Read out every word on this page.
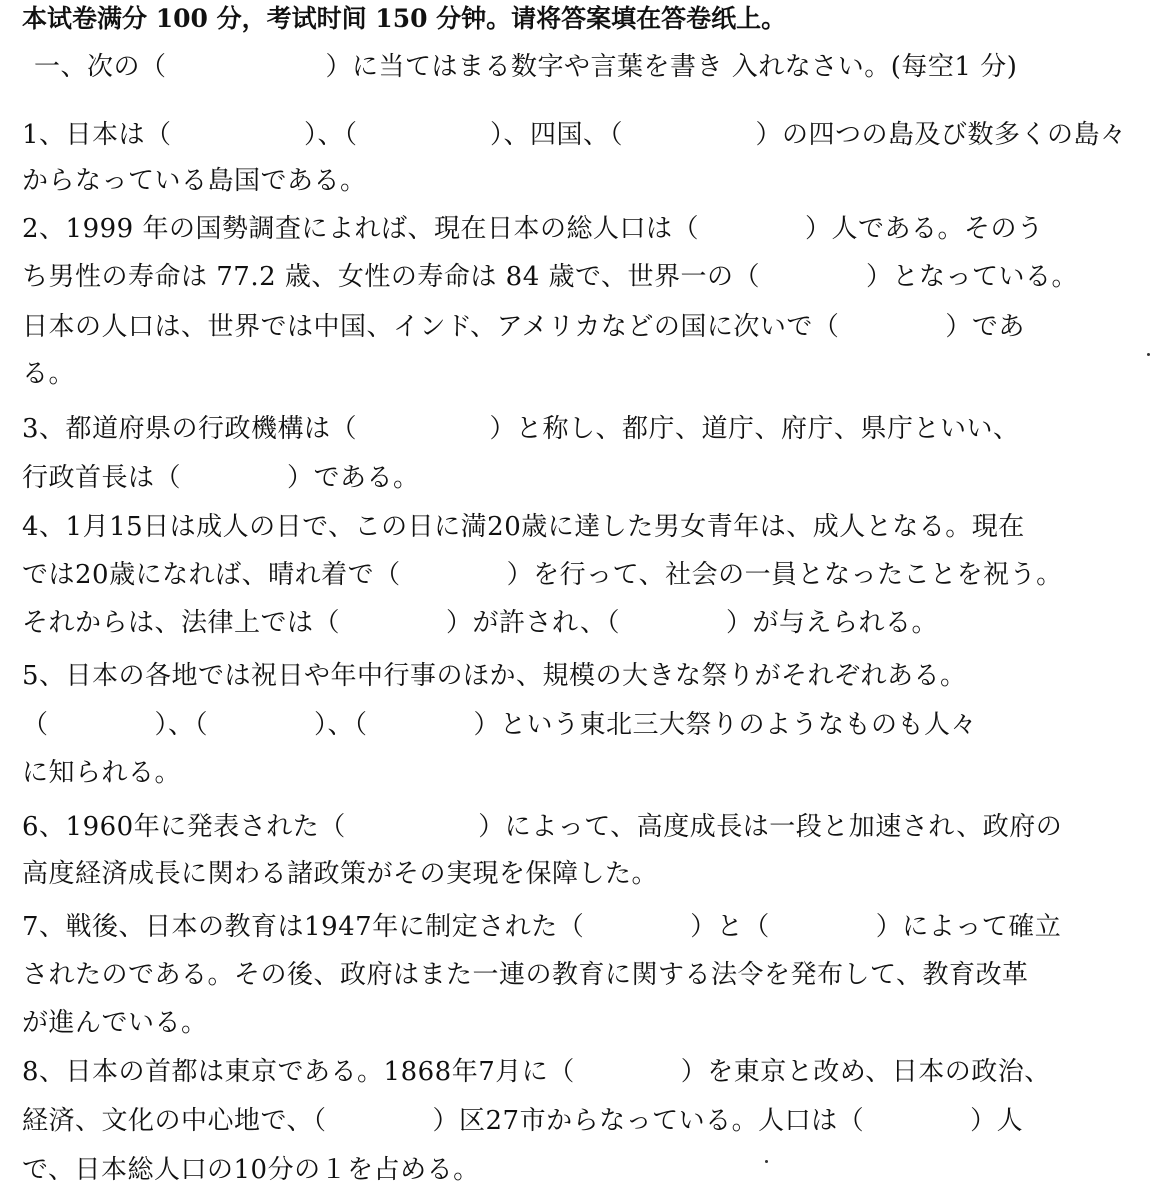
本试卷满分 100 分，考试时间 150 分钟。请将答案填在答卷纸上。
一、次の（　　　　　　）に当てはまる数字や言葉を書き 入れなさい。(每空1 分)
1、日本は（　　　　　）、（　　　　　）、四国、（　　　　　）の四つの島及び数多くの島々
からなっている島国である。
2、1999 年の国勢調査によれば、現在日本の総人口は（　　　　）人である。そのう
ち男性の寿命は 77.2 歳、女性の寿命は 84 歳で、世界一の（　　　　）となっている。
日本の人口は、世界では中国、インド、アメリカなどの国に次いで（　　　　）であ
る。
3、都道府県の行政機構は（　　　　　）と称し、都庁、道庁、府庁、県庁といい、
行政首長は（　　　　）である。
4、1月15日は成人の日で、この日に満20歳に達した男女青年は、成人となる。現在
では20歳になれば、晴れ着で（　　　　）を行って、社会の一員となったことを祝う。
それからは、法律上では（　　　　）が許され、（　　　　）が与えられる。
5、日本の各地では祝日や年中行事のほか、規模の大きな祭りがそれぞれある。
（　　　　）、（　　　　）、（　　　　）という東北三大祭りのようなものも人々
に知られる。
6、1960年に発表された（　　　　　）によって、高度成長は一段と加速され、政府の
高度経済成長に関わる諸政策がその実現を保障した。
7、戦後、日本の教育は1947年に制定された（　　　　）と（　　　　）によって確立
されたのである。その後、政府はまた一連の教育に関する法令を発布して、教育改革
が進んでいる。
8、日本の首都は東京である。1868年7月に（　　　　）を東京と改め、日本の政治、
経済、文化の中心地で、（　　　　）区27市からなっている。人口は（　　　　）人
で、日本総人口の10分の１を占める。
